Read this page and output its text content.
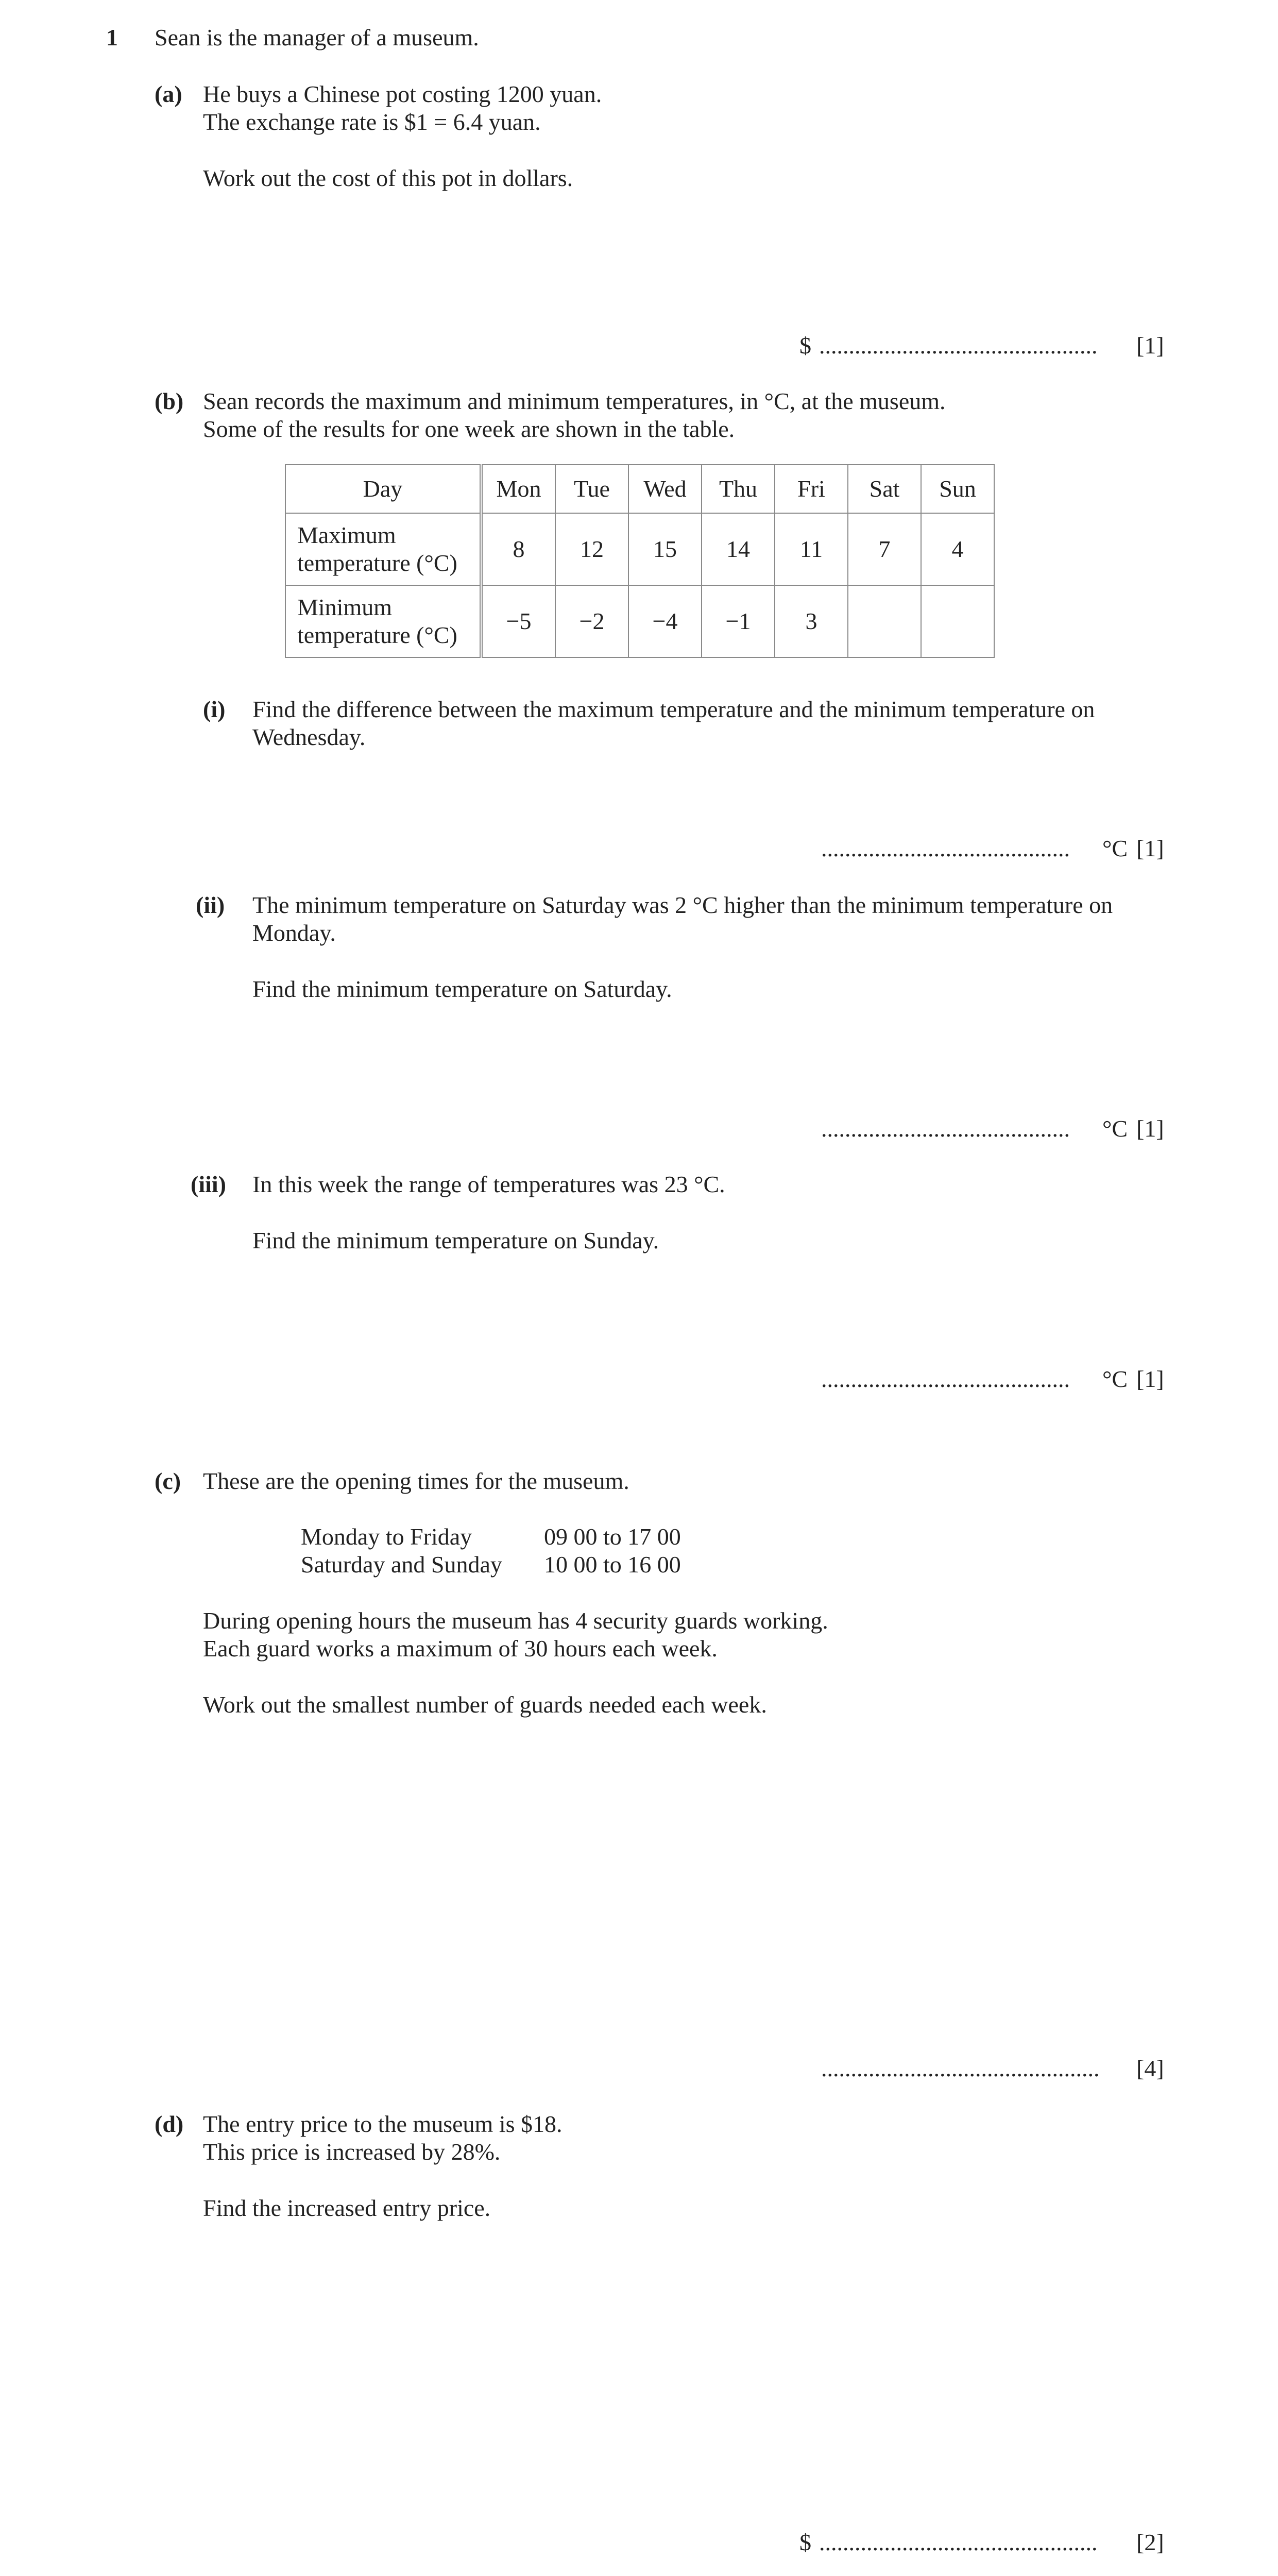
1 Sean is the manager of a museum.
(a) He buys a Chinese pot costing 1200 yuan.
The exchange rate is $1 = 6.4 yuan.
Work out the cost of this pot in dollars.
$ ............................................... [1]
(b) Sean records the maximum and minimum temperatures, in °C, at the museum.
Some of the results for one week are shown in the table.
Day	Mon	Tue	Wed	Thu	Fri	Sat	Sun
Maximum
temperature (°C)	8	12	15	14	11	7	4
Minimum
temperature (°C)	−5	−2	−4	−1	3		
(i) Find the difference between the maximum temperature and the minimum temperature on
Wednesday.
.......................................... °C [1]
(ii) The minimum temperature on Saturday was 2 °C higher than the minimum temperature on
Monday.
Find the minimum temperature on Saturday.
.......................................... °C [1]
(iii) In this week the range of temperatures was 23 °C.
Find the minimum temperature on Sunday.
.......................................... °C [1]
(c) These are the opening times for the museum.
Monday to Friday	09 00 to 17 00
Saturday and Sunday 10 00 to 16 00
During opening hours the museum has 4 security guards working.
Each guard works a maximum of 30 hours each week.
Work out the smallest number of guards needed each week.
............................................... [4]
(d) The entry price to the museum is $18.
This price is increased by 28%.
Find the increased entry price.
$ ............................................... [2]
